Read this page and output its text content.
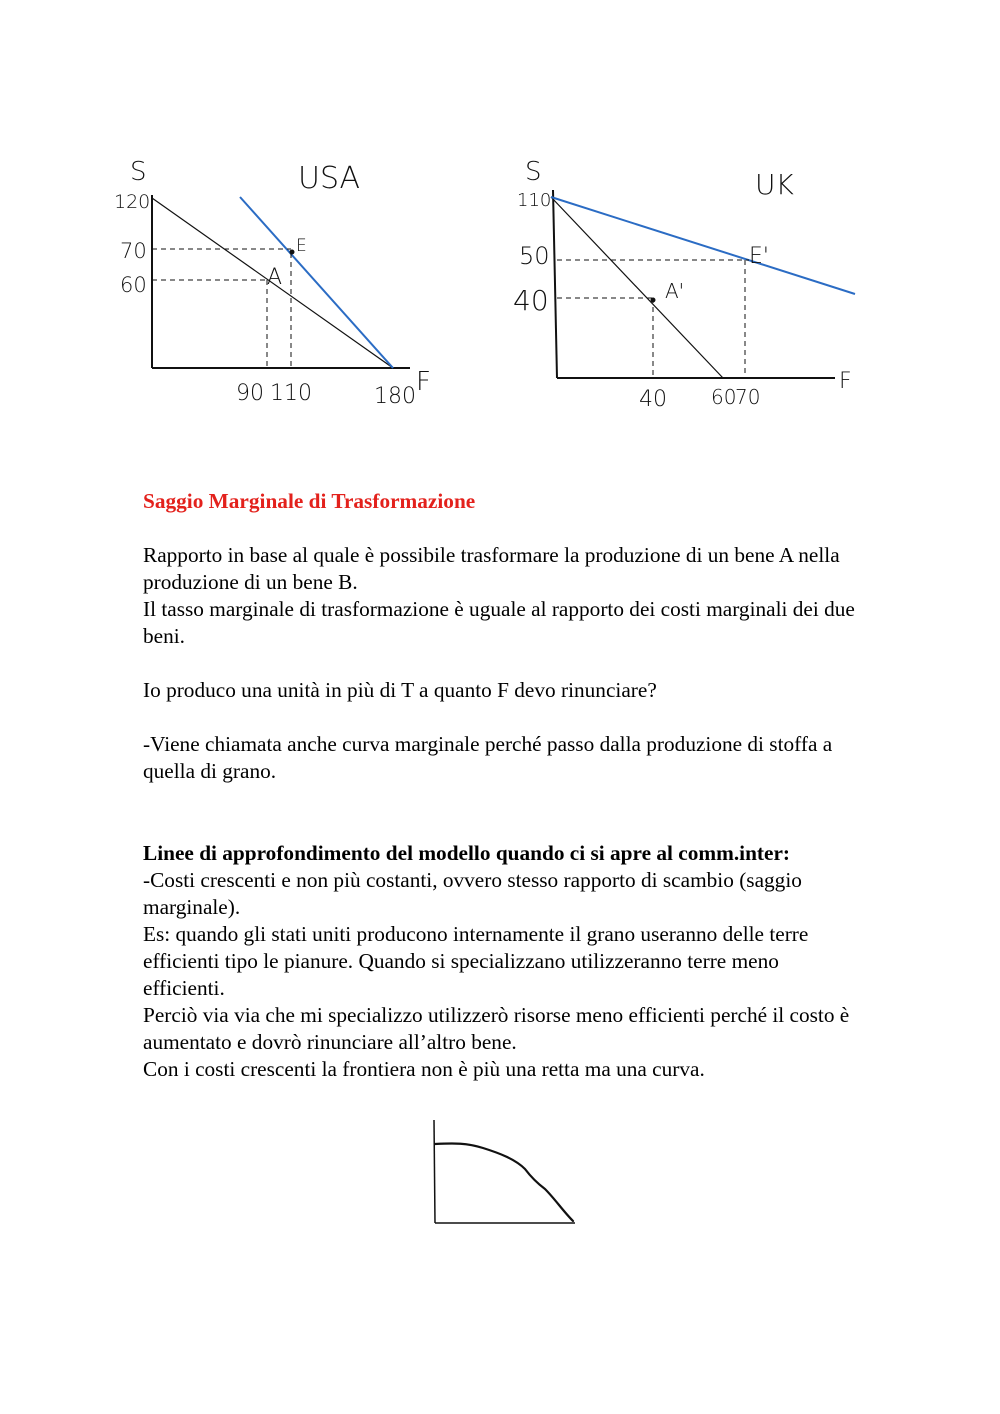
USA
S
F
120
70
60
90 110	180
A
E
UK
S
F
110
50
40
40 60
70
A'
E'

Saggio Marginale di Trasformazione

Rapporto in base al quale è possibile trasformare la produzione di un bene A nella produzione di un bene B.

Il tasso marginale di trasformazione è uguale al rapporto dei costi marginali dei due beni.

Io produco una unità in più di T a quanto F devo rinunciare?

-Viene chiamata anche curva marginale perché passo dalla produzione di stoffa a quella di grano.

Linee di approfondimento del modello quando ci si apre al comm.inter:

-Costi crescenti e non più costanti, ovvero stesso rapporto di scambio (saggio marginale).

Es: quando gli stati uniti producono internamente il grano useranno delle terre efficienti tipo le pianure. Quando si specializzano utilizzeranno terre meno efficienti.

Perciò via via che mi specializzo utilizzerò risorse meno efficienti perché il costo è aumentato e dovrò rinunciare all’altro bene.

Con i costi crescenti la frontiera non è più una retta ma una curva.
